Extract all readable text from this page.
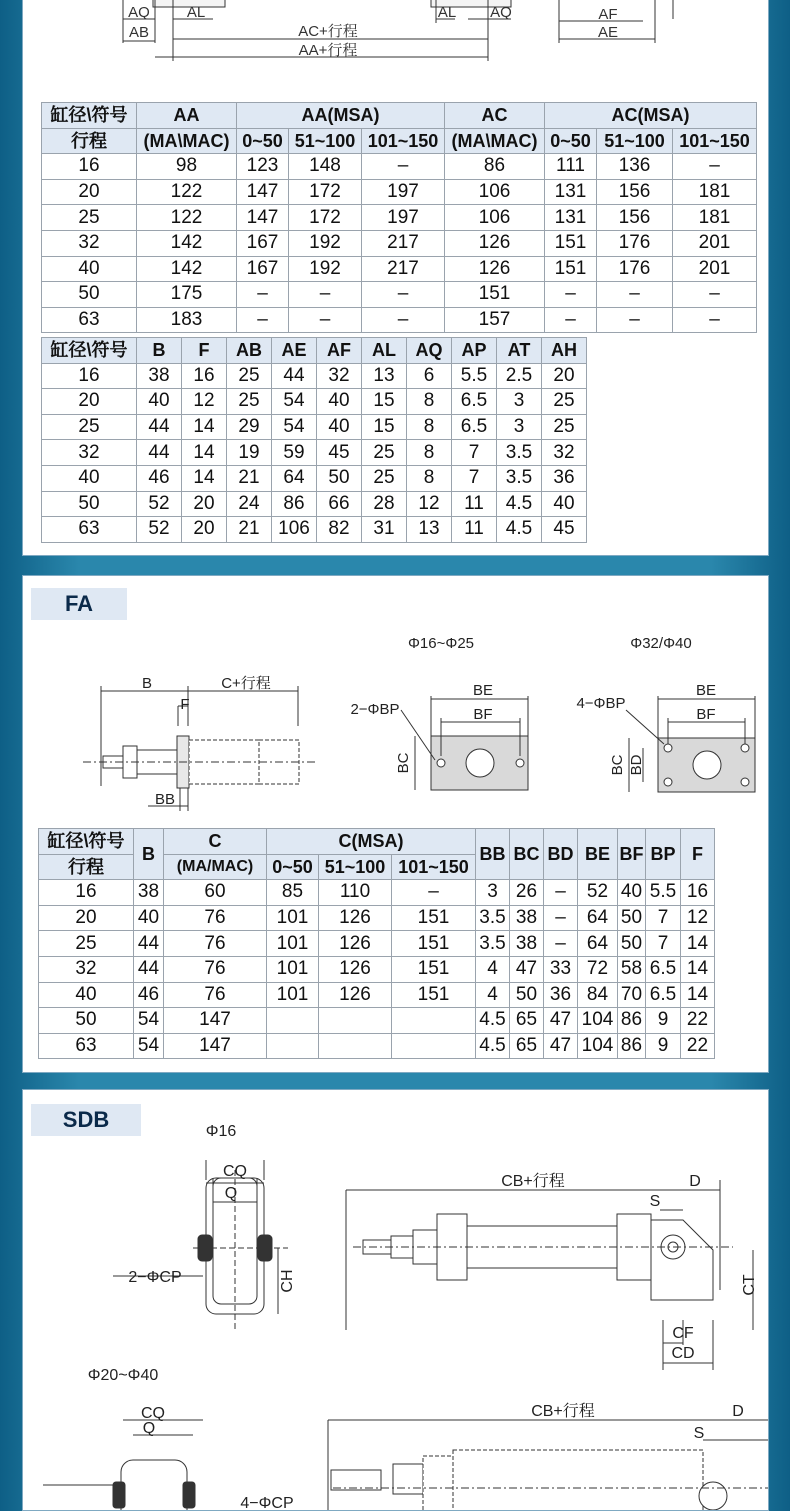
AQ AL
AB	AC+行程
AA+行程
AL AQ	AF
AE
缸径\符号	AA	AA(MSA)			AC	AC(MSA)		
行程	(MA\MAC)	0~50	51~100	101~150	(MA\MAC)	0~50	51~100	101~150
16	98	123	148	–	86	111	136	–
20	122	147	172	197	106	131	156	181
25	122	147	172	197	106	131	156	181
32	142	167	192	217	126	151	176	201
40	142	167	192	217	126	151	176	201
50	175	–	–	–	151	–	–	–
63	183	–	–	–	157	–	–	–
缸径\符号	B	F	AB	AE	AF	AL	AQ	AP	AT	AH
16	38	16	25	44	32	13	6	5.5	2.5	20
20	40	12	25	54	40	15	8	6.5	3	25
25	44	14	29	54	40	15	8	6.5	3	25
32	44	14	19	59	45	25	8	7	3.5	32
40	46	14	21	64	50	25	8	7	3.5	36
50	52	20	24	86	66	28	12	11	4.5	40
63	52	20	21	106	82	31	13	11	4.5	45
FA
Φ16~Φ25	Φ32/Φ40
B	C+行程
F
BB
BE
BF
2−ΦBP
BC
BE
BF
4−ΦBP
BC BD
缸径\符号	B	C	C(MSA)			BB	BC	BD	BE	BF	BP	F
行程		(MA/MAC)	0~50	51~100	101~150							
16	38	60	85	110	–	3	26	–	52	40	5.5	16
20	40	76	101	126	151	3.5	38	–	64	50	7	12
25	44	76	101	126	151	3.5	38	–	64	50	7	14
32	44	76	101	126	151	4	47	33	72	58	6.5	14
40	46	76	101	126	151	4	50	36	84	70	6.5	14
50	54	147				4.5	65	47	104	86	9	22
63	54	147				4.5	65	47	104	86	9	22
SDB	Φ16
Φ20~Φ40
CQ
Q
2−ΦCP	CH
CB+行程	D
S
CF
CD
CT
CQ
Q
CB+行程	D
S
4−ΦCP
